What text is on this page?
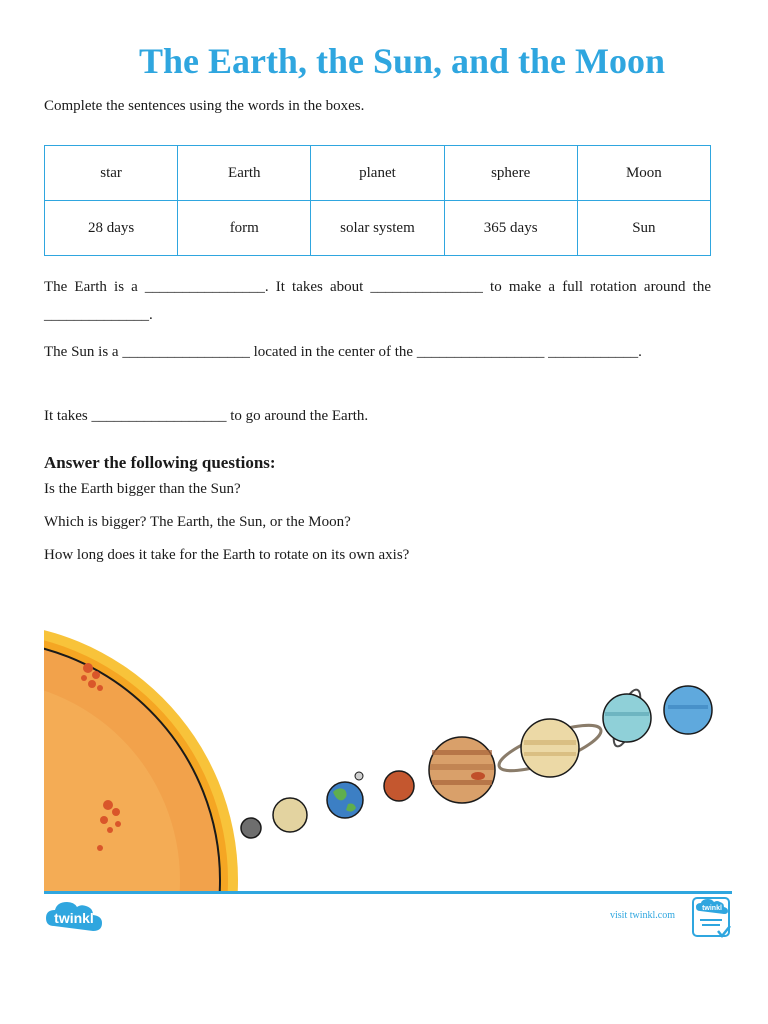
The Earth, the Sun, and the Moon

Complete the sentences using the words in the boxes.

star	Earth	planet	sphere	Moon
28 days	form	solar system	365 days	Sun

The Earth is a ________________. It takes about _______________ to make a full rotation around the ______________.

The Sun is a _________________ located in the center of the _________________ ____________.

It takes __________________ to go around the Earth.

Answer the following questions:

Is the Earth bigger than the Sun?

Which is bigger? The Earth, the Sun, or the Moon?

How long does it take for the Earth to rotate on its own axis?

twinkl	visit twinkl.com

twinkl
